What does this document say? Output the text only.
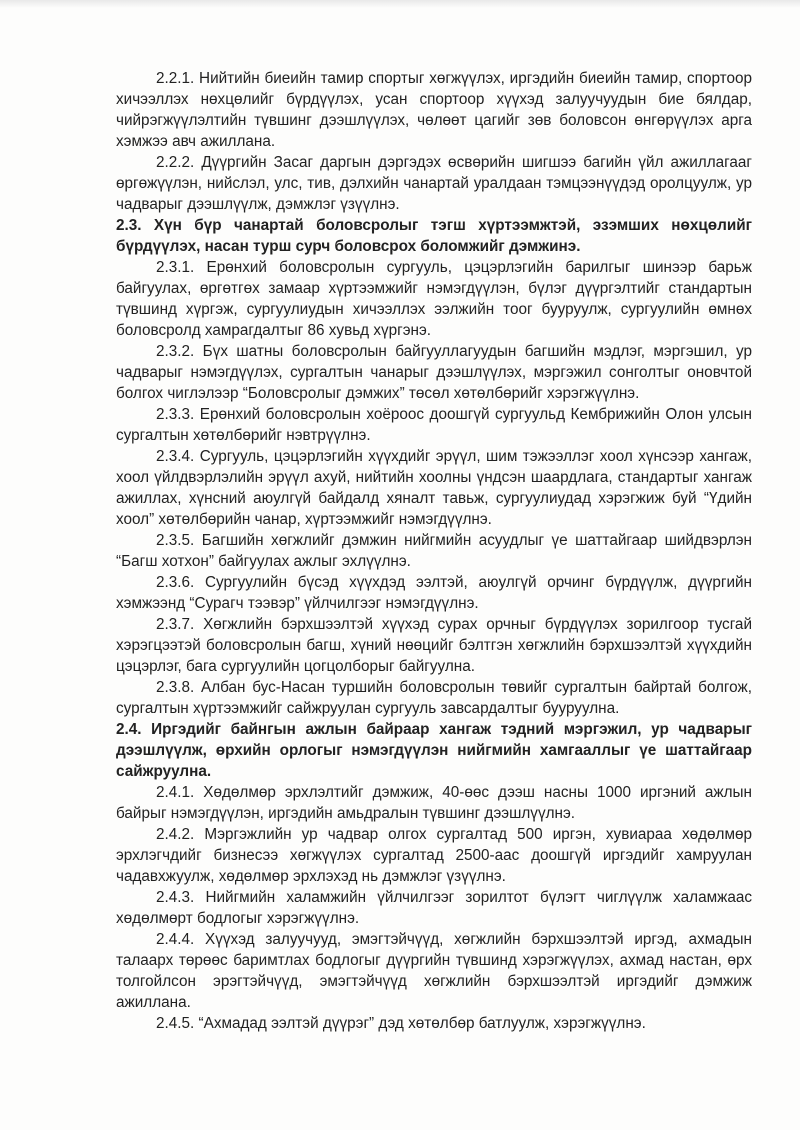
2.2.1. Нийтийн биеийн тамир спортыг хөгжүүлэх, иргэдийн биеийн тамир, спортоор хичээллэх нөхцөлийг бүрдүүлэх, усан спортоор хүүхэд залуучуудын бие бялдар, чийрэгжүүлэлтийн түвшинг дээшлүүлэх, чөлөөт цагийг зөв боловсон өнгөрүүлэх арга хэмжээ авч ажиллана.

2.2.2. Дүүргийн Засаг даргын дэргэдэх өсвөрийн шигшээ багийн үйл ажиллагааг өргөжүүлэн, нийслэл, улс, тив, дэлхийн чанартай уралдаан тэмцээнүүдэд оролцуулж, ур чадварыг дээшлүүлж, дэмжлэг үзүүлнэ.

2.3. Хүн бүр чанартай боловсролыг тэгш хүртээмжтэй, эзэмших нөхцөлийг бүрдүүлэх, насан турш сурч боловсрох боломжийг дэмжинэ.

2.3.1. Ерөнхий боловсролын сургууль, цэцэрлэгийн барилгыг шинээр барьж байгуулах, өргөтгөх замаар хүртээмжийг нэмэгдүүлэн, бүлэг дүүргэлтийг стандартын түвшинд хүргэж, сургуулиудын хичээллэх ээлжийн тоог бууруулж, сургуулийн өмнөх боловсролд хамрагдалтыг 86 хувьд хүргэнэ.

2.3.2. Бүх шатны боловсролын байгууллагуудын багшийн мэдлэг, мэргэшил, ур чадварыг нэмэгдүүлэх, сургалтын чанарыг дээшлүүлэх, мэргэжил сонголтыг оновчтой болгох чиглэлээр “Боловсролыг дэмжих” төсөл хөтөлбөрийг хэрэгжүүлнэ.

2.3.3. Ерөнхий боловсролын хоёроос доошгүй сургуульд Кембрижийн Олон улсын сургалтын хөтөлбөрийг нэвтрүүлнэ.

2.3.4. Сургууль, цэцэрлэгийн хүүхдийг эрүүл, шим тэжээллэг хоол хүнсээр хангаж, хоол үйлдвэрлэлийн эрүүл ахуй, нийтийн хоолны үндсэн шаардлага, стандартыг хангаж ажиллах, хүнсний аюулгүй байдалд хяналт тавьж, сургуулиудад хэрэгжиж буй “Үдийн хоол” хөтөлбөрийн чанар, хүртээмжийг нэмэгдүүлнэ.

2.3.5. Багшийн хөгжлийг дэмжин нийгмийн асуудлыг үе шаттайгаар шийдвэрлэн “Багш хотхон” байгуулах ажлыг эхлүүлнэ.

2.3.6. Сургуулийн бүсэд хүүхдэд ээлтэй, аюулгүй орчинг бүрдүүлж, дүүргийн хэмжээнд “Сурагч тээвэр” үйлчилгээг нэмэгдүүлнэ.

2.3.7. Хөгжлийн бэрхшээлтэй хүүхэд сурах орчныг бүрдүүлэх зорилгоор тусгай хэрэгцээтэй боловсролын багш, хүний нөөцийг бэлтгэн хөгжлийн бэрхшээлтэй хүүхдийн цэцэрлэг, бага сургуулийн цогцолборыг байгуулна.

2.3.8. Албан бус-Насан туршийн боловсролын төвийг сургалтын байртай болгож, сургалтын хүртээмжийг сайжруулан сургууль завсардалтыг бууруулна.

2.4. Иргэдийг байнгын ажлын байраар хангаж тэдний мэргэжил, ур чадварыг дээшлүүлж, өрхийн орлогыг нэмэгдүүлэн нийгмийн хамгааллыг үе шаттайгаар сайжруулна.

2.4.1. Хөдөлмөр эрхлэлтийг дэмжиж, 40-өөс дээш насны 1000 иргэний ажлын байрыг нэмэгдүүлэн, иргэдийн амьдралын түвшинг дээшлүүлнэ.

2.4.2. Мэргэжлийн ур чадвар олгох сургалтад 500 иргэн, хувиараа хөдөлмөр эрхлэгчдийг бизнесээ хөгжүүлэх сургалтад 2500-аас доошгүй иргэдийг хамруулан чадавхжуулж, хөдөлмөр эрхлэхэд нь дэмжлэг үзүүлнэ.

2.4.3. Нийгмийн халамжийн үйлчилгээг зорилтот бүлэгт чиглүүлж халамжаас хөдөлмөрт бодлогыг хэрэгжүүлнэ.

2.4.4. Хүүхэд залуучууд, эмэгтэйчүүд, хөгжлийн бэрхшээлтэй иргэд, ахмадын талаарх төрөөс баримтлах бодлогыг дүүргийн түвшинд хэрэгжүүлэх, ахмад настан, өрх толгойлсон эрэгтэйчүүд, эмэгтэйчүүд хөгжлийн бэрхшээлтэй иргэдийг дэмжиж ажиллана.

2.4.5. “Ахмадад ээлтэй дүүрэг” дэд хөтөлбөр батлуулж, хэрэгжүүлнэ.
